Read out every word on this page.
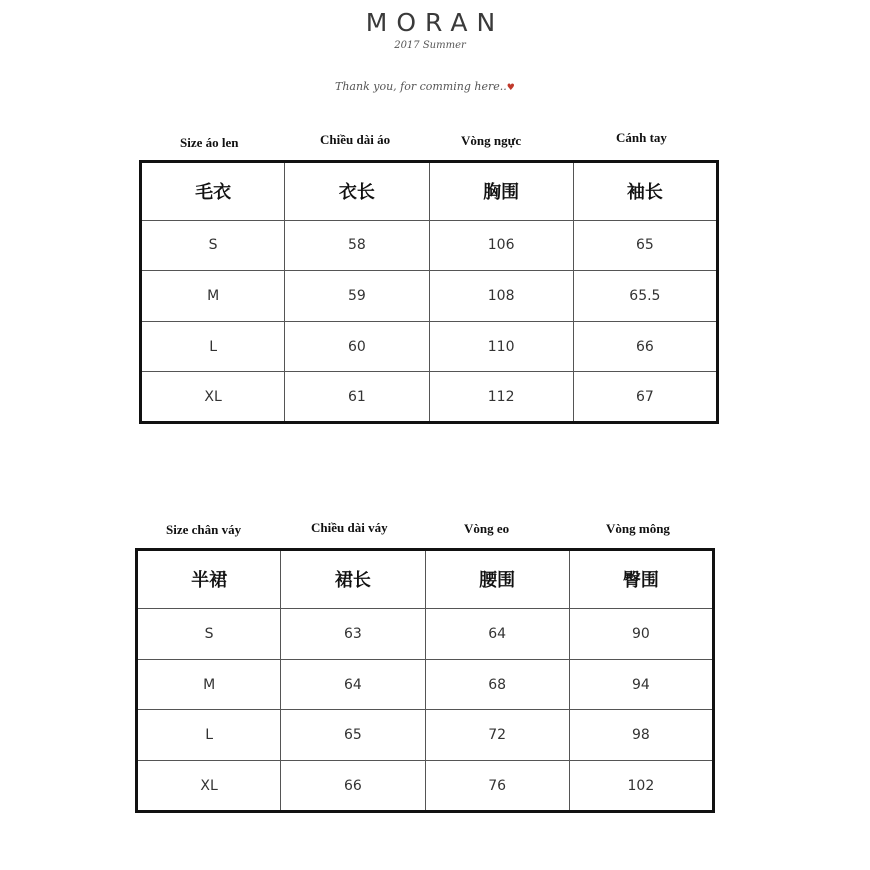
MORAN
2017 Summer
Thank you, for comming here..♥
Size áo len	Chiều dài áo	Vòng ngực	Cánh tay
毛衣	衣长	胸围	袖长
S	58	106	65
M	59	108	65.5
L	60	110	66
XL	61	112	67
Size chân váy	Chiều dài váy	Vòng eo	Vòng mông
半裙	裙长	腰围	臀围
S	63	64	90
M	64	68	94
L	65	72	98
XL	66	76	102
